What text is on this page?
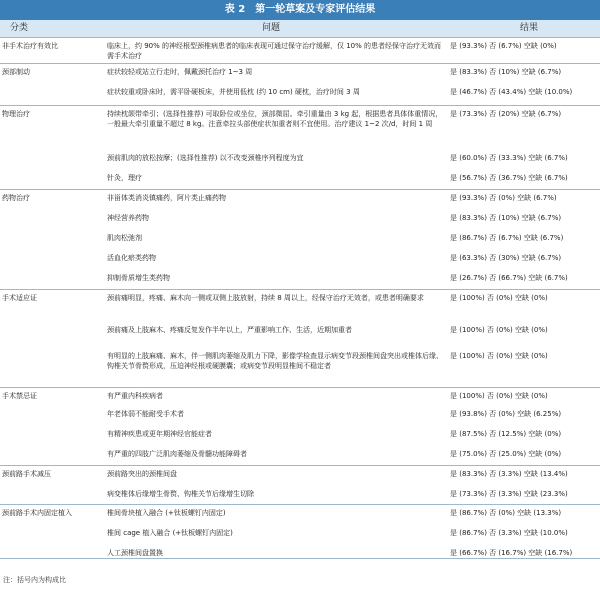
表 2　第一轮草案及专家评估结果
分类	问题	结果
非手术治疗有效比	临床上，约 90% 的神经根型颈椎病患者的临床表现可通过保守治疗缓解，仅 10% 的患者经保守治疗无效而需手术治疗	是 (93.3%) 否 (6.7%) 空缺 (0%)
颈部制动	症状较轻或站立行走时，佩戴颈托治疗 1~3 周	是 (83.3%) 否 (10%) 空缺 (6.7%)
	症状较重或卧床时，需平卧硬板床，并使用低枕 (约 10 cm) 硬枕，治疗时间 3 周	是 (46.7%) 否 (43.4%) 空缺 (10.0%)
物理治疗	持续枕颌带牵引；(选择性推荐) 可取卧位或坐位，颈部微屈。牵引重量由 3 kg 起，根据患者具体体重情况，一般最大牵引重量不超过 8 kg。注意牵拉头部使症状加重者则不宜使用。治疗建议 1~2 次/d，时间 1 周	是 (73.3%) 否 (20%) 空缺 (6.7%)
	颈前肌肉的放松按摩；(选择性推荐) 以不改变颈椎序列程度为宜	是 (60.0%) 否 (33.3%) 空缺 (6.7%)
	针灸，理疗	是 (56.7%) 否 (36.7%) 空缺 (6.7%)
药物治疗	非甾体类消炎镇痛药，阿片类止痛药物	是 (93.3%) 否 (0%) 空缺 (6.7%)
	神经营养药物	是 (83.3%) 否 (10%) 空缺 (6.7%)
	肌肉松弛剂	是 (86.7%) 否 (6.7%) 空缺 (6.7%)
	活血化瘀类药物	是 (63.3%) 否 (30%) 空缺 (6.7%)
	抑制骨质增生类药物	是 (26.7%) 否 (66.7%) 空缺 (6.7%)
手术适应证	颈前痛明显，疼痛、麻木向一侧或双侧上肢放射，持续 8 周以上，经保守治疗无效者，或患者明确要求	是 (100%) 否 (0%) 空缺 (0%)
	颈前痛及上肢麻木、疼痛反复发作半年以上，严重影响工作、生活，近期加重者	是 (100%) 否 (0%) 空缺 (0%)
	有明显的上肢麻痛、麻木，伴一侧肌肉萎缩及肌力下降，影像学检查显示病变节段颈椎间盘突出或椎体后缘、钩椎关节骨赘形成，压迫神经根或硬膜囊；或病变节段明显椎间不稳定者	是 (100%) 否 (0%) 空缺 (0%)
手术禁忌证	有严重内科疾病者	是 (100%) 否 (0%) 空缺 (0%)
	年老体弱不能耐受手术者	是 (93.8%) 否 (0%) 空缺 (6.25%)
	有精神疾患或更年期神经官能症者	是 (87.5%) 否 (12.5%) 空缺 (0%)
	有严重的四肢广泛肌肉萎缩及骨髓功能障碍者	是 (75.0%) 否 (25.0%) 空缺 (0%)
颈前路手术减压	颈前路突出的颈椎间盘	是 (83.3%) 否 (3.3%) 空缺 (13.4%)
	病变椎体后缘增生骨赘、钩椎关节后缘增生切除	是 (73.3%) 否 (3.3%) 空缺 (23.3%)
颈前路手术内固定植入	椎间骨块植入融合 (+钛板螺钉内固定)	是 (86.7%) 否 (0%) 空缺 (13.3%)
	椎间 cage 植入融合 (+钛板螺钉内固定)	是 (86.7%) 否 (3.3%) 空缺 (10.0%)
	人工颈椎间盘置换	是 (66.7%) 否 (16.7%) 空缺 (16.7%)
注：括号内为构成比
